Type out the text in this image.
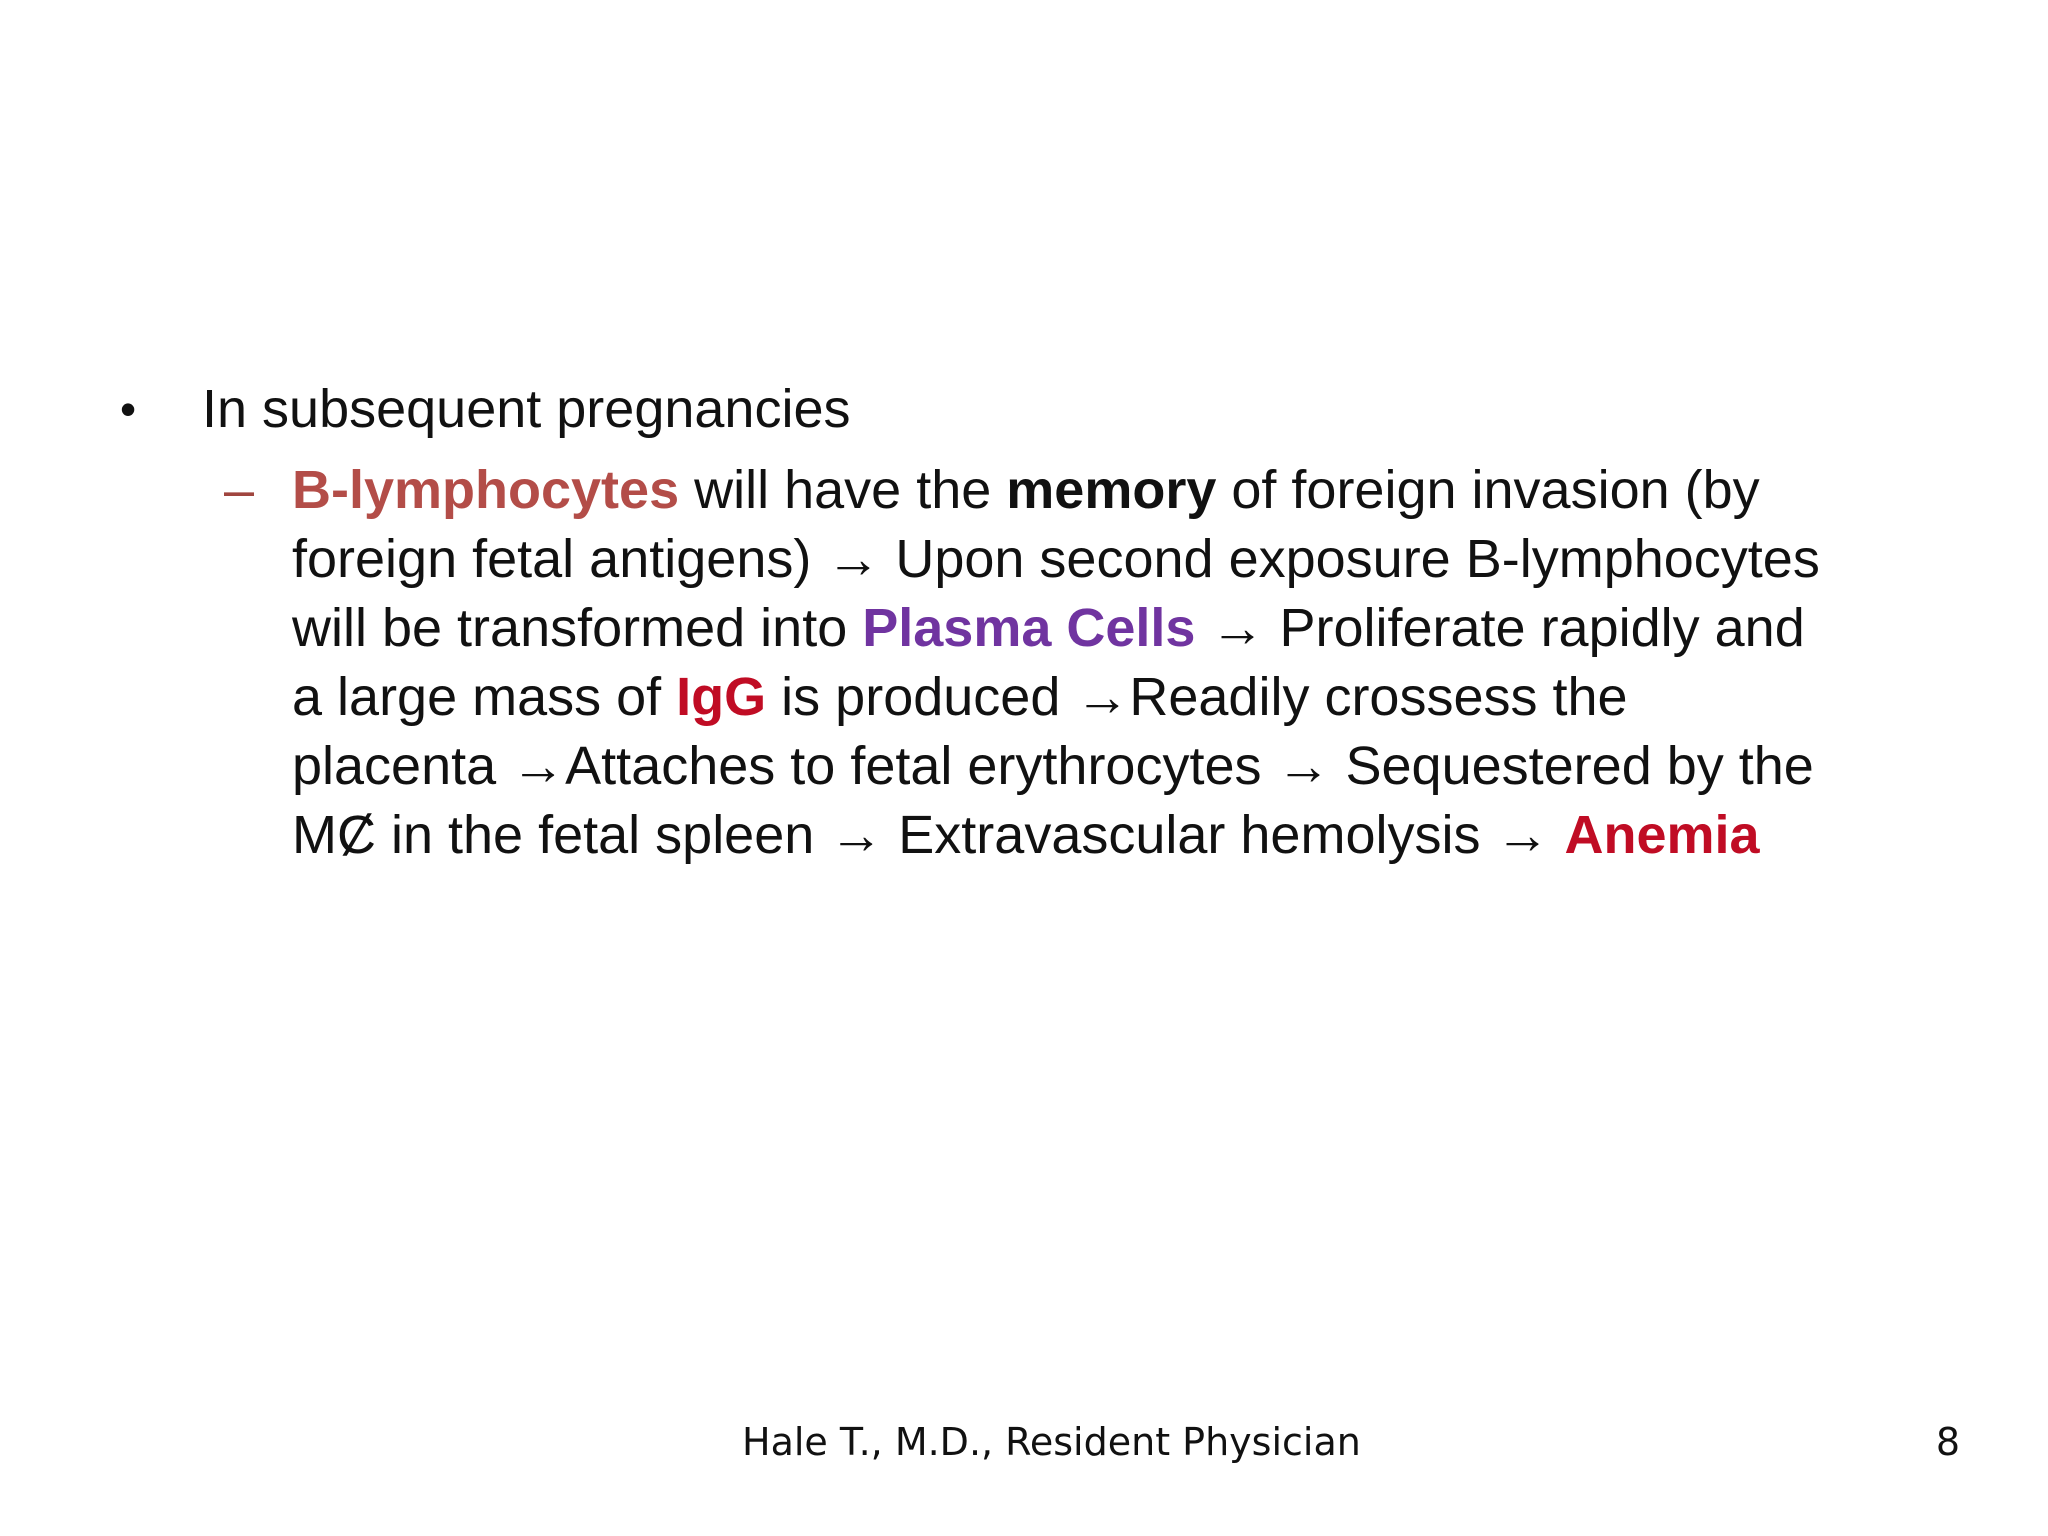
• In subsequent pregnancies
– B-lymphocytes will have the memory of foreign invasion (by
foreign fetal antigens) → Upon second exposure B-lymphocytes
will be transformed into Plasma Cells → Proliferate rapidly and
a large mass of IgG is produced →Readily crossess the
placenta →Attaches to fetal erythrocytes → Sequestered by the
MȻ in the fetal spleen → Extravascular hemolysis → Anemia
Hale T., M.D., Resident Physician	8
